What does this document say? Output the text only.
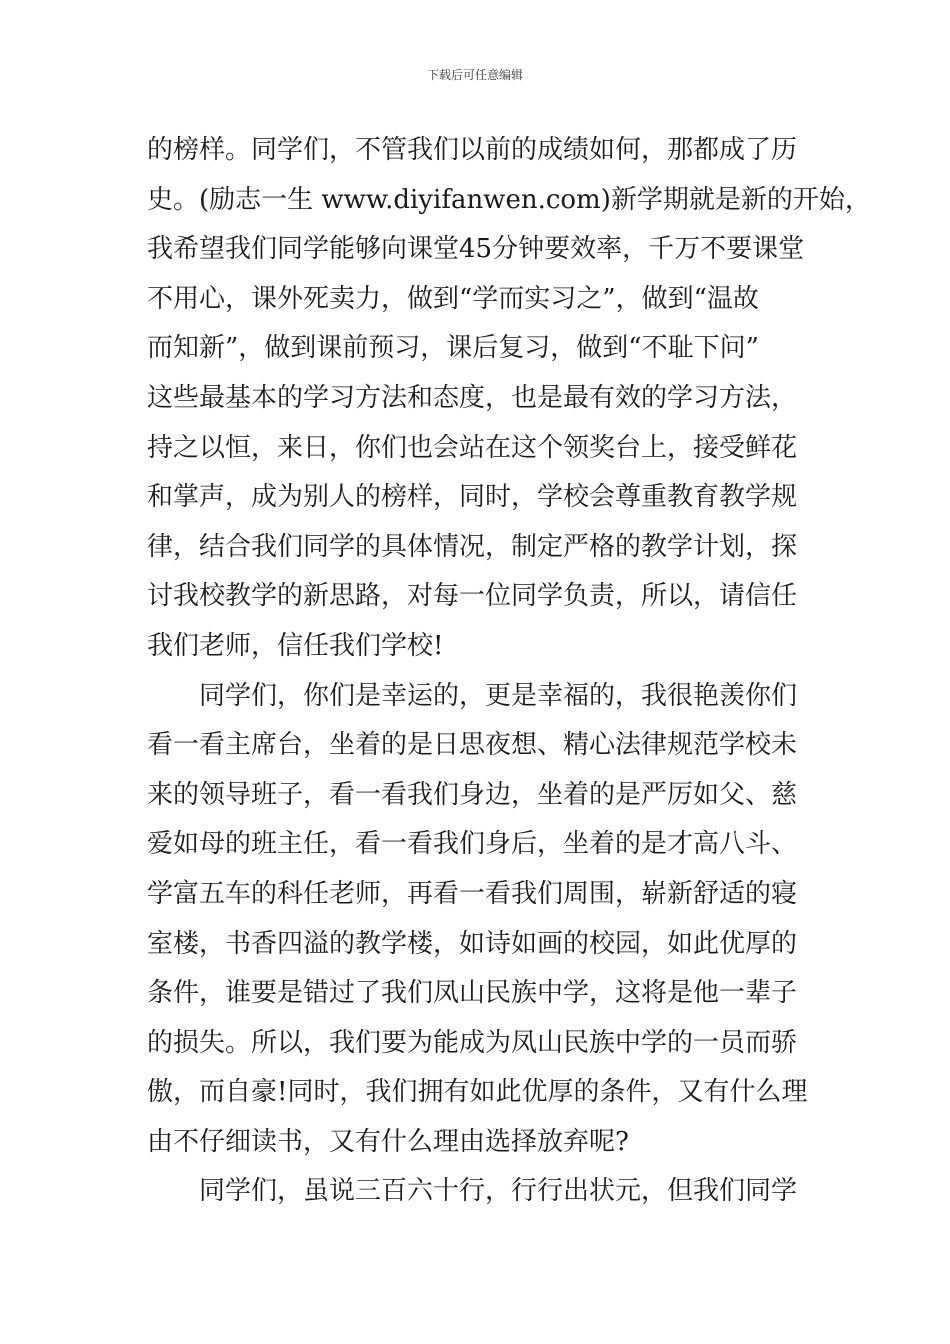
下载后可任意编辑
的榜样。同学们，不管我们以前的成绩如何，那都成了历
史。(励志一生 www.diyifanwen.com)新学期就是新的开始，
我希望我们同学能够向课堂45分钟要效率，千万不要课堂
不用心，课外死卖力，做到“学而实习之”，做到“温故
而知新”，做到课前预习，课后复习，做到“不耻下问”
这些最基本的学习方法和态度，也是最有效的学习方法，
持之以恒，来日，你们也会站在这个领奖台上，接受鲜花
和掌声，成为别人的榜样，同时，学校会尊重教育教学规
律，结合我们同学的具体情况，制定严格的教学计划，探
讨我校教学的新思路，对每一位同学负责，所以，请信任
我们老师，信任我们学校!
同学们，你们是幸运的，更是幸福的，我很艳羡你们
看一看主席台，坐着的是日思夜想、精心法律规范学校未
来的领导班子，看一看我们身边，坐着的是严厉如父、慈
爱如母的班主任，看一看我们身后，坐着的是才高八斗、
学富五车的科任老师，再看一看我们周围，崭新舒适的寝
室楼，书香四溢的教学楼，如诗如画的校园，如此优厚的
条件，谁要是错过了我们凤山民族中学，这将是他一辈子
的损失。所以，我们要为能成为凤山民族中学的一员而骄
傲，而自豪!同时，我们拥有如此优厚的条件，又有什么理
由不仔细读书，又有什么理由选择放弃呢?
同学们，虽说三百六十行，行行出状元，但我们同学
